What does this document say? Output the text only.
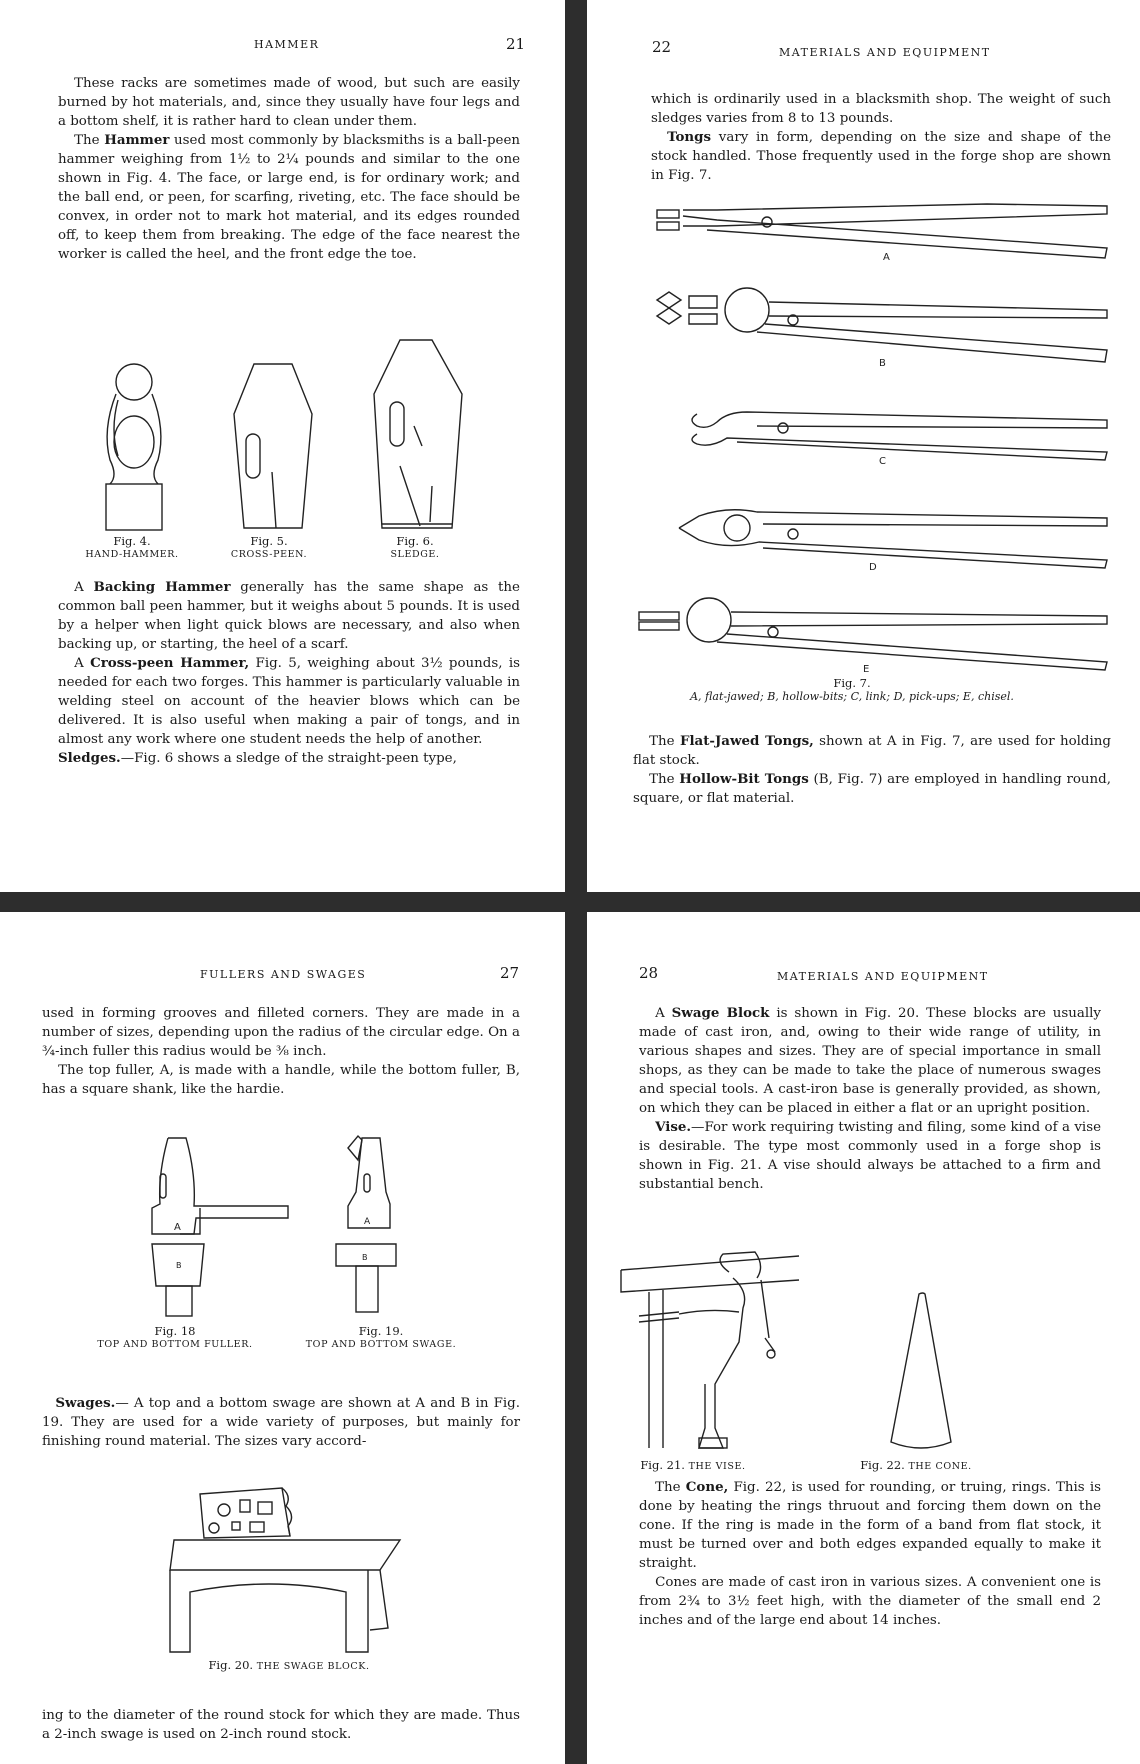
HAMMER	21

These racks are sometimes made of wood, but such are easily burned by hot materials, and, since they usually have four legs and a bottom shelf, it is rather hard to clean under them.

The Hammer used most commonly by blacksmiths is a ball-peen hammer weighing from 1½ to 2¼ pounds and similar to the one shown in Fig. 4. The face, or large end, is for ordinary work; and the ball end, or peen, for scarfing, riveting, etc. The face should be convex, in order not to mark hot material, and its edges rounded off, to keep them from breaking. The edge of the face nearest the worker is called the heel, and the front edge the toe.

Fig. 4.
HAND-HAMMER.
Fig. 5.
CROSS-PEEN.
Fig. 6.
SLEDGE.

A Backing Hammer generally has the same shape as the common ball peen hammer, but it weighs about 5 pounds. It is used by a helper when light quick blows are necessary, and also when backing up, or starting, the heel of a scarf.

A Cross-peen Hammer, Fig. 5, weighing about 3½ pounds, is needed for each two forges. This hammer is particularly valuable in welding steel on account of the heavier blows which can be delivered. It is also useful when making a pair of tongs, and in almost any work where one student needs the help of another.

Sledges.—Fig. 6 shows a sledge of the straight-peen type,

22	MATERIALS AND EQUIPMENT

which is ordinarily used in a blacksmith shop. The weight of such sledges varies from 8 to 13 pounds.

Tongs vary in form, depending on the size and shape of the stock handled. Those frequently used in the forge shop are shown in Fig. 7.

A
B
C
D
E
Fig. 7.
A, flat-jawed; B, hollow-bits; C, link; D, pick-ups; E, chisel.

The Flat-Jawed Tongs, shown at A in Fig. 7, are used for holding flat stock.

The Hollow-Bit Tongs (B, Fig. 7) are employed in handling round, square, or flat material.

FULLERS AND SWAGES	27

used in forming grooves and filleted corners. They are made in a number of sizes, depending upon the radius of the circular edge. On a ¾-inch fuller this radius would be ⅜ inch.

The top fuller, A, is made with a handle, while the bottom fuller, B, has a square shank, like the hardie.

A
B
A
B
Fig. 18
TOP AND BOTTOM FULLER.
Fig. 19.
TOP AND BOTTOM SWAGE.

Swages.— A top and a bottom swage are shown at A and B in Fig. 19. They are used for a wide variety of purposes, but mainly for finishing round material. The sizes vary accord-

Fig. 20. THE SWAGE BLOCK.

ing to the diameter of the round stock for which they are made. Thus a 2-inch swage is used on 2-inch round stock.

28	MATERIALS AND EQUIPMENT

A Swage Block is shown in Fig. 20. These blocks are usually made of cast iron, and, owing to their wide range of utility, in various shapes and sizes. They are of special importance in small shops, as they can be made to take the place of numerous swages and special tools. A cast-iron base is generally provided, as shown, on which they can be placed in either a flat or an upright position.

Vise.—For work requiring twisting and filing, some kind of a vise is desirable. The type most commonly used in a forge shop is shown in Fig. 21. A vise should always be attached to a firm and substantial bench.

Fig. 21. THE VISE.	Fig. 22. THE CONE.

The Cone, Fig. 22, is used for rounding, or truing, rings. This is done by heating the rings thruout and forcing them down on the cone. If the ring is made in the form of a band from flat stock, it must be turned over and both edges expanded equally to make it straight.

Cones are made of cast iron in various sizes. A convenient one is from 2¾ to 3½ feet high, with the diameter of the small end 2 inches and of the large end about 14 inches.
